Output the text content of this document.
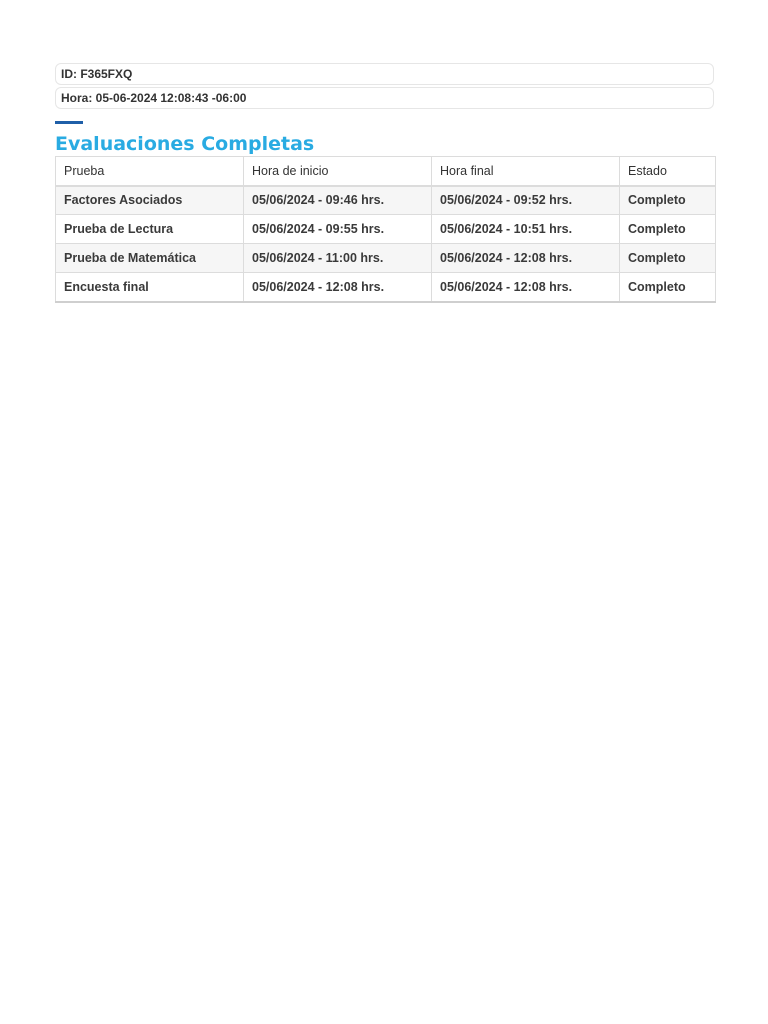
ID: F365FXQ
Hora: 05-06-2024 12:08:43 -06:00
Evaluaciones Completas
Prueba	Hora de inicio	Hora final	Estado
Factores Asociados	05/06/2024 - 09:46 hrs.	05/06/2024 - 09:52 hrs.	Completo
Prueba de Lectura	05/06/2024 - 09:55 hrs.	05/06/2024 - 10:51 hrs.	Completo
Prueba de Matemática	05/06/2024 - 11:00 hrs.	05/06/2024 - 12:08 hrs.	Completo
Encuesta final	05/06/2024 - 12:08 hrs.	05/06/2024 - 12:08 hrs.	Completo
